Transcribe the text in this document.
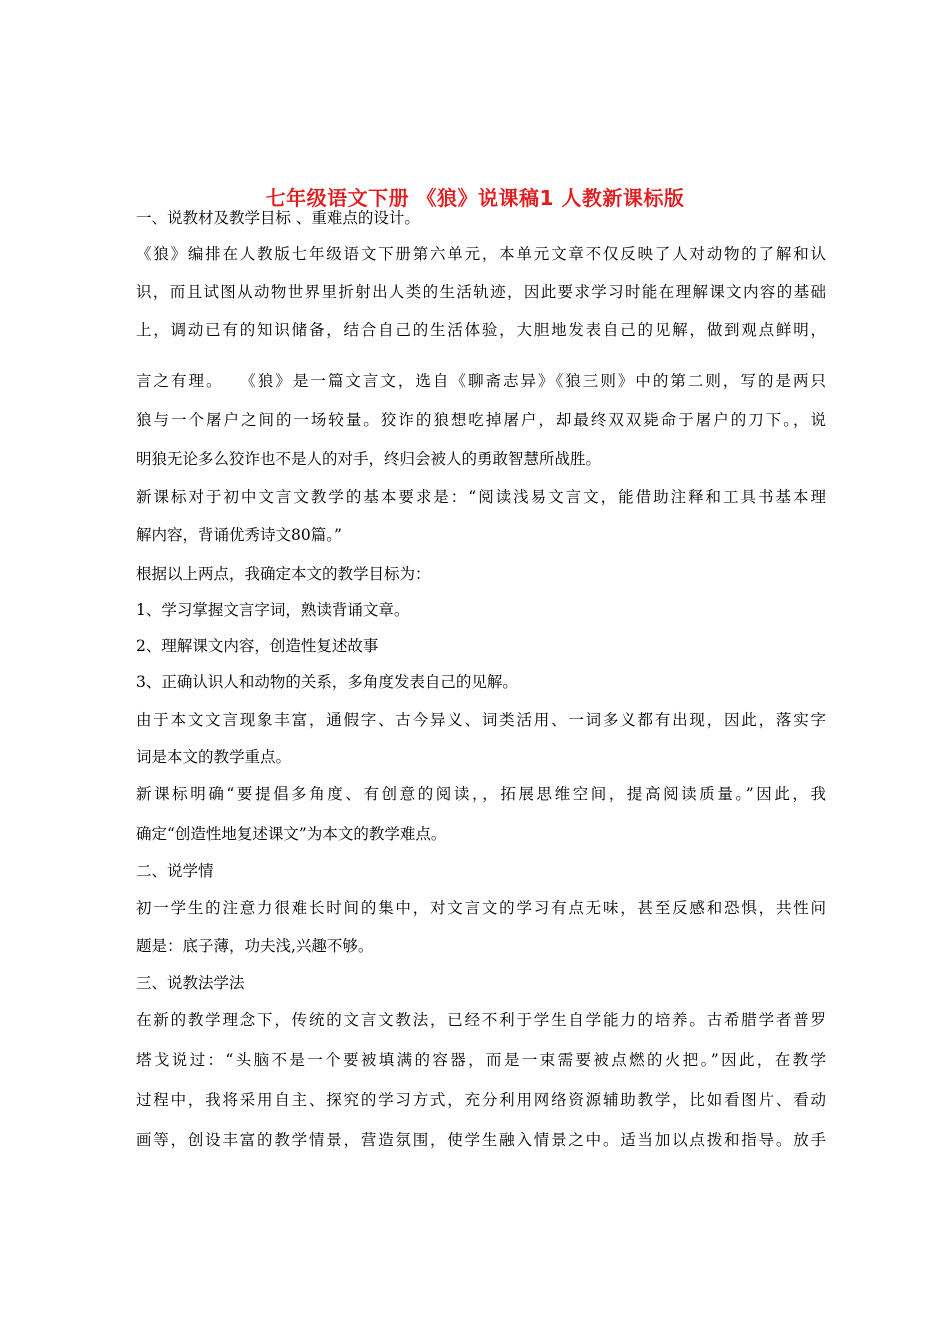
七年级语文下册 《狼》说课稿1 人教新课标版
一、说教材及教学目标 、重难点的设计。
《狼》编排在人教版七年级语文下册第六单元，本单元文章不仅反映了人对动物的了解和认
识，而且试图从动物世界里折射出人类的生活轨迹，因此要求学习时能在理解课文内容的基础
上，调动已有的知识储备，结合自己的生活体验，大胆地发表自己的见解，做到观点鲜明，
言之有理。　 《狼》是一篇文言文，选自《聊斋志异》《狼三则》中的第二则，写的是两只
狼与一个屠户之间的一场较量。狡诈的狼想吃掉屠户，却最终双双毙命于屠户的刀下。，说
明狼无论多么狡诈也不是人的对手，终归会被人的勇敢智慧所战胜。
新课标对于初中文言文教学的基本要求是：“阅读浅易文言文，能借助注释和工具书基本理
解内容，背诵优秀诗文80篇。”
根据以上两点，我确定本文的教学目标为：
1、学习掌握文言字词，熟读背诵文章。
2、理解课文内容，创造性复述故事
3、正确认识人和动物的关系，多角度发表自己的见解。
由于本文文言现象丰富，通假字、古今异义、词类活用、一词多义都有出现，因此，落实字
词是本文的教学重点。
新课标明确“要提倡多角度、有创意的阅读，，拓展思维空间，提高阅读质量。”因此，我
确定“创造性地复述课文”为本文的教学难点。
二、说学情
初一学生的注意力很难长时间的集中，对文言文的学习有点无味，甚至反感和恐惧，共性问
题是：底子薄，功夫浅,兴趣不够。
三、说教法学法
在新的教学理念下，传统的文言文教法，已经不利于学生自学能力的培养。古希腊学者普罗
塔戈说过：“头脑不是一个要被填满的容器，而是一束需要被点燃的火把。”因此，在教学
过程中，我将采用自主、探究的学习方式，充分利用网络资源辅助教学，比如看图片、看动
画等，创设丰富的教学情景，营造氛围，使学生融入情景之中。适当加以点拨和指导。放手
